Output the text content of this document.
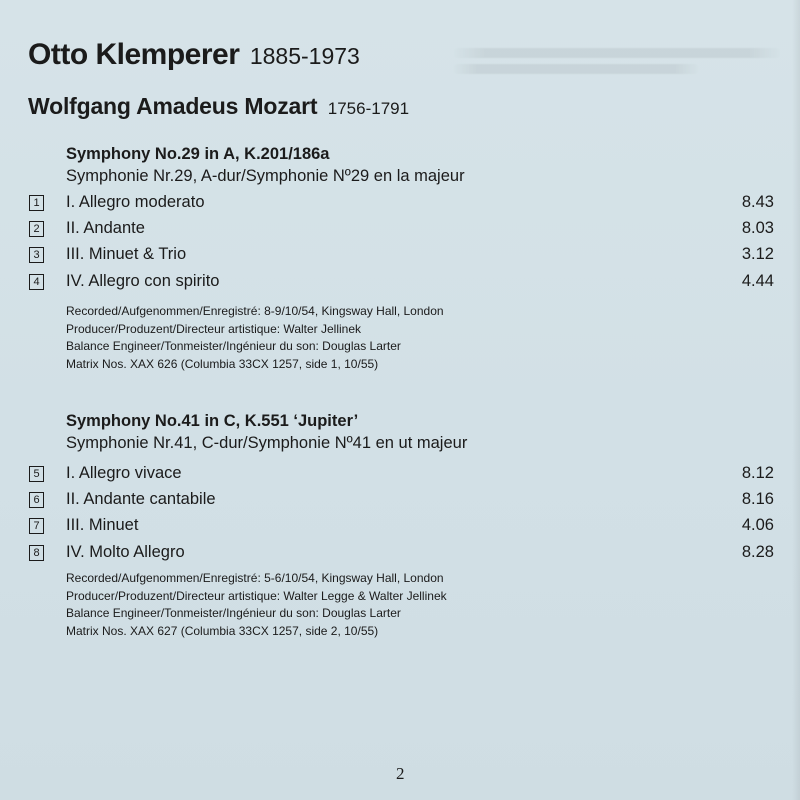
Otto Klemperer 1885-1973
Wolfgang Amadeus Mozart 1756-1791
Symphony No.29 in A, K.201/186a
Symphonie Nr.29, A-dur/Symphonie Nº29 en la majeur
1 I. Allegro moderato	8.43
2 II. Andante	8.03
3 III. Minuet & Trio	3.12
4 IV. Allegro con spirito	4.44
Recorded/Aufgenommen/Enregistré: 8-9/10/54, Kingsway Hall, London
Producer/Produzent/Directeur artistique: Walter Jellinek
Balance Engineer/Tonmeister/Ingénieur du son: Douglas Larter
Matrix Nos. XAX 626 (Columbia 33CX 1257, side 1, 10/55)
Symphony No.41 in C, K.551 ‘Jupiter’
Symphonie Nr.41, C-dur/Symphonie Nº41 en ut majeur
5 I. Allegro vivace	8.12
6 II. Andante cantabile	8.16
7 III. Minuet	4.06
8 IV. Molto Allegro	8.28
Recorded/Aufgenommen/Enregistré: 5-6/10/54, Kingsway Hall, London
Producer/Produzent/Directeur artistique: Walter Legge & Walter Jellinek
Balance Engineer/Tonmeister/Ingénieur du son: Douglas Larter
Matrix Nos. XAX 627 (Columbia 33CX 1257, side 2, 10/55)
2
